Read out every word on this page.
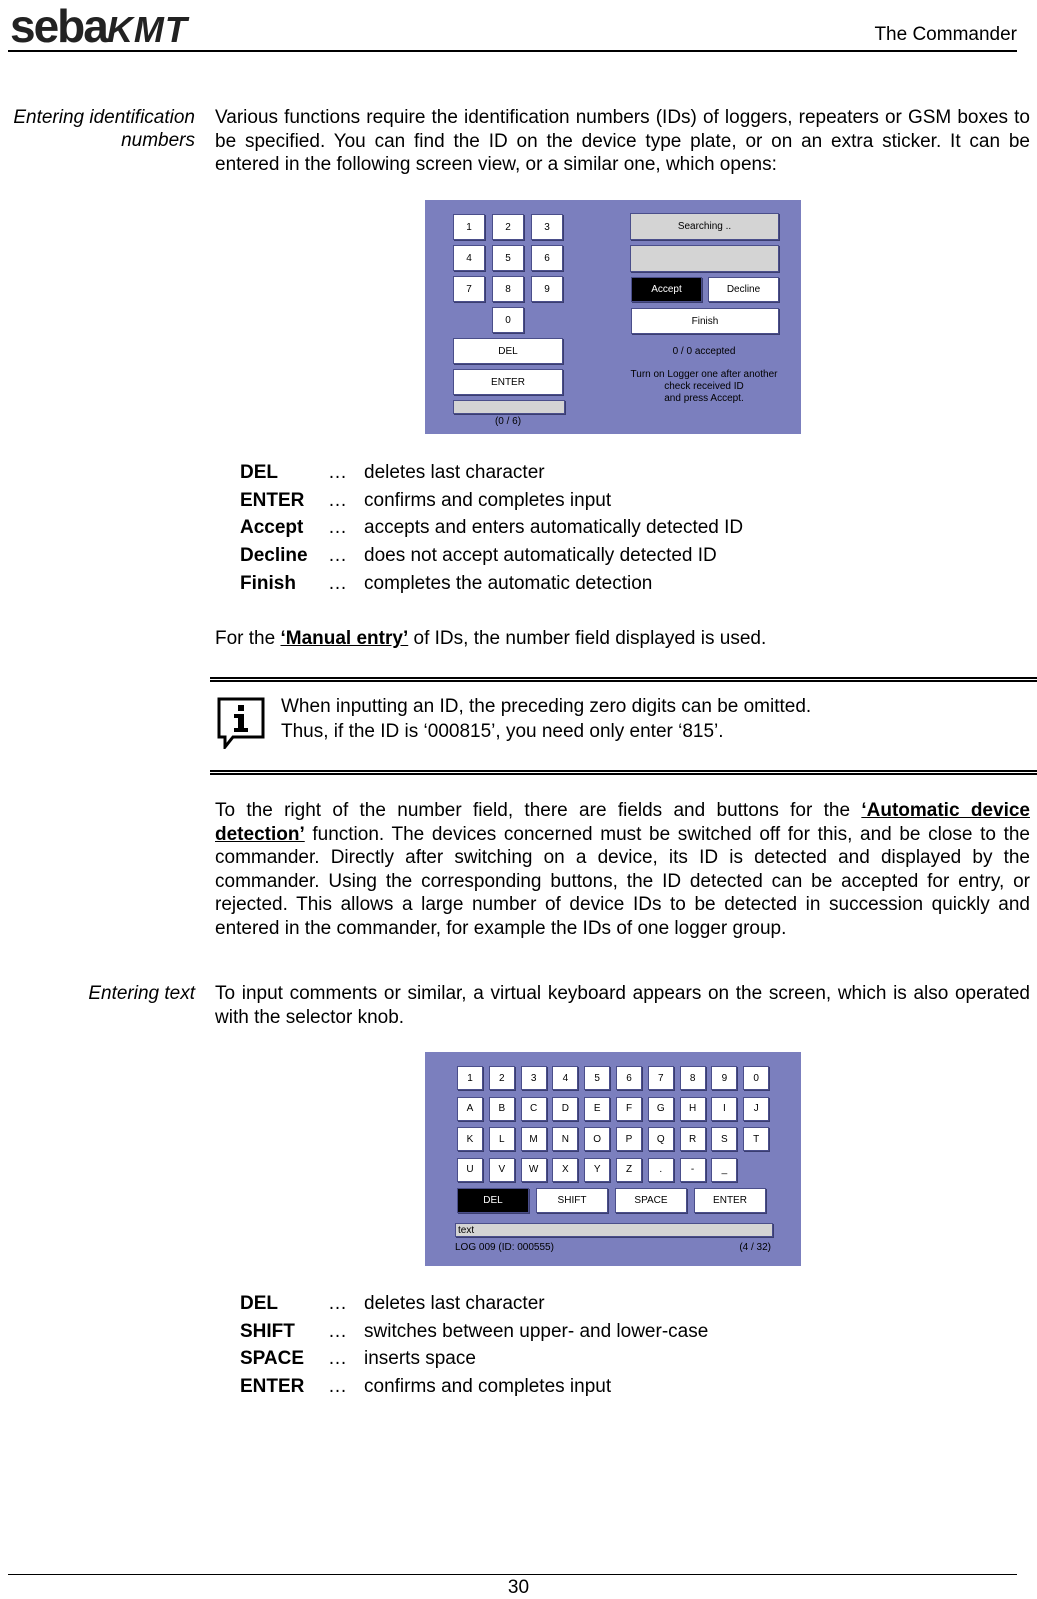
sebaKMT	The Commander
Entering identification
numbers
Various functions require the identification numbers (IDs) of loggers, repeaters or GSM boxes to be specified. You can find the ID on the device type plate, or on an extra sticker. It can be entered in the following screen view, or a similar one, which opens:
1	2	3
4	5	6
7	8	9
0
DEL
ENTER
(0 / 6)
Searching ..
Accept	Decline
Finish
0 / 0 accepted
Turn on Logger one after another
check received ID
and press Accept.
DEL	… deletes last character
ENTER	… confirms and completes input
Accept	… accepts and enters automatically detected ID
Decline	… does not accept automatically detected ID
Finish	… completes the automatic detection
For the ‘Manual entry’ of IDs, the number field displayed is used.
When inputting an ID, the preceding zero digits can be omitted.
Thus, if the ID is ‘000815’, you need only enter ‘815’.
To the right of the number field, there are fields and buttons for the ‘Automatic device detection’ function. The devices concerned must be switched off for this, and be close to the commander. Directly after switching on a device, its ID is detected and displayed by the commander. Using the corresponding buttons, the ID detected can be accepted for entry, or rejected. This allows a large number of device IDs to be detected in succession quickly and entered in the commander, for example the IDs of one logger group.
Entering text To input comments or similar, a virtual keyboard appears on the screen, which is also operated with the selector knob.
DEL	SHIFT	SPACE	ENTER
text
LOG 009 (ID: 000555)	(4 / 32)
1	2	3	4	5	6	7	8	9	0
A	B	C	D	E	F	G	H	I	J
K	L	M	N	O	P	Q	R	S	T
U	V	W	X	Y	Z	.	-	_
DEL	… deletes last character
SHIFT	… switches between upper- and lower-case
SPACE	… inserts space
ENTER	… confirms and completes input
30
